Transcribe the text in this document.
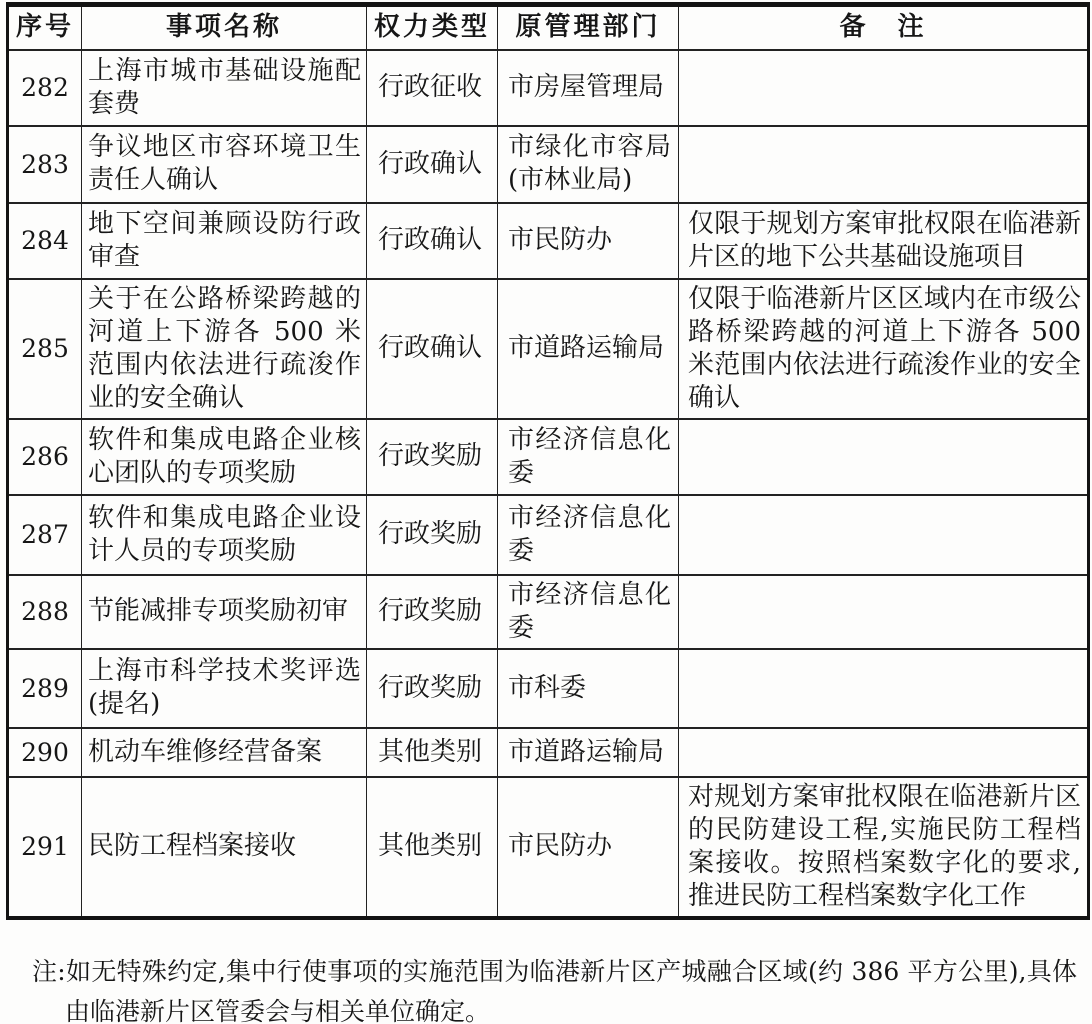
序号	事项名称	权力类型	原管理部门	备　注
282	上海市城市基础设施配套费	行政征收	市房屋管理局	
283	争议地区市容环境卫生责任人确认	行政确认	市绿化市容局(市林业局)	
284	地下空间兼顾设防行政审查	行政确认	市民防办	仅限于规划方案审批权限在临港新片区的地下公共基础设施项目
285	关于在公路桥梁跨越的河道上下游各 500 米范围内依法进行疏浚作业的安全确认	行政确认	市道路运输局	仅限于临港新片区区域内在市级公路桥梁跨越的河道上下游各 500 米范围内依法进行疏浚作业的安全确认
286	软件和集成电路企业核心团队的专项奖励	行政奖励	市经济信息化委	
287	软件和集成电路企业设计人员的专项奖励	行政奖励	市经济信息化委	
288	节能减排专项奖励初审	行政奖励	市经济信息化委	
289	上海市科学技术奖评选(提名)	行政奖励	市科委	
290	机动车维修经营备案	其他类别	市道路运输局	
291	民防工程档案接收	其他类别	市民防办	对规划方案审批权限在临港新片区的民防建设工程,实施民防工程档案接收。按照档案数字化的要求,推进民防工程档案数字化工作
注:如无特殊约定,集中行使事项的实施范围为临港新片区产城融合区域(约 386 平方公里),具体由临港新片区管委会与相关单位确定。
